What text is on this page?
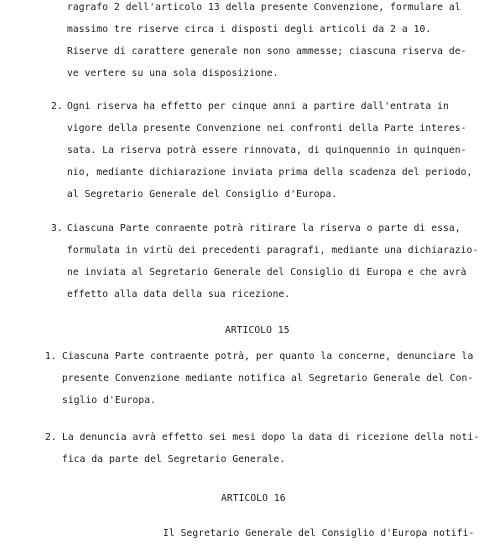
ragrafo 2 dell'articolo 13 della presente Convenzione, formulare al
massimo tre riserve circa i disposti degli articoli da 2 a 10.
Riserve di carattere generale non sono ammesse; ciascuna riserva de-
ve vertere su una sola disposizione.
2. Ogni riserva ha effetto per cinque anni a partire dall'entrata in
vigore della presente Convenzione nei confronti della Parte interes-
sata. La riserva potrà essere rinnovata, di quinquennio in quinquen-
nio, mediante dichiarazione inviata prima della scadenza del periodo,
al Segretario Generale del Consiglio d'Europa.
3. Ciascuna Parte conraente potrà ritirare la riserva o parte di essa,
formulata in virtù dei precedenti paragrafi, mediante una dichiarazio-
ne inviata al Segretario Generale del Consiglio di Europa e che avrà
effetto alla data della sua ricezione.
ARTICOLO 15
1. Ciascuna Parte contraente potrà, per quanto la concerne, denunciare la
presente Convenzione mediante notifica al Segretario Generale del Con-
siglio d'Europa.
2. La denuncia avrà effetto sei mesi dopo la data di ricezione della noti-
fica da parte del Segretario Generale.
ARTICOLO 16
Il Segretario Generale del Consiglio d'Europa notifi-
